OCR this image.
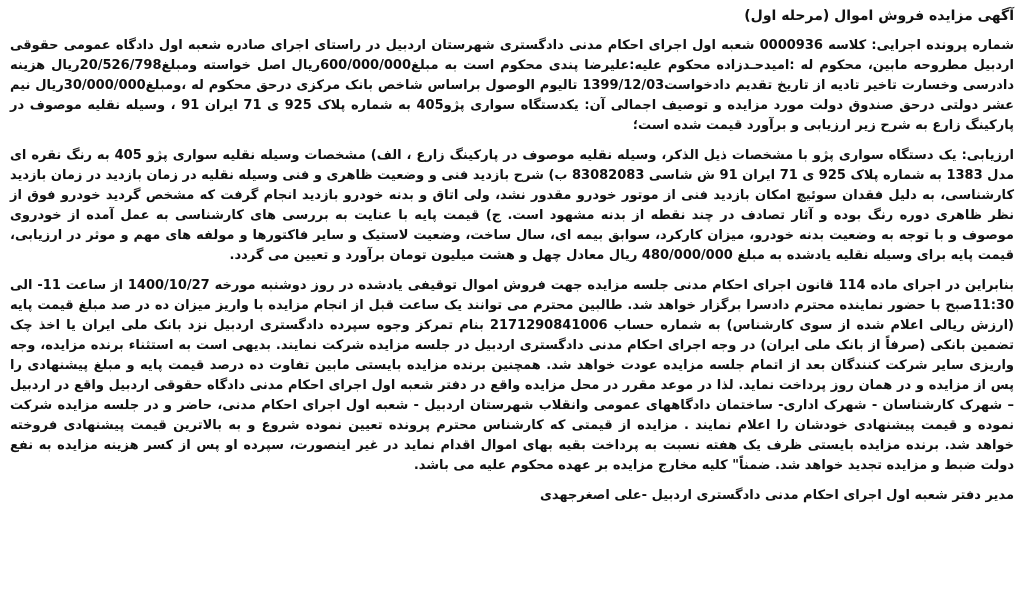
آگهی مزایده فروش اموال (مرحله اول)

شماره پرونده اجرایی: کلاسه 0000936 شعبه اول اجرای احکام مدنی دادگستری شهرستان اردبیل در راستای اجرای صادره شعبه اول دادگاه عمومی حقوقی اردبیل مطروحه مابین، محکوم له :امیدحـدزاده محکوم علیه:علیرضا پندی محکوم است به مبلغ600/000/000ریال اصل خواسته ومبلغ20/526/798ریال هزینه دادرسی وخسارت تاخیر تادیه از تاریخ تقدیم دادخواست1399/12/03 تالیوم الوصول براساس شاخص بانک مرکزی درحق محکوم له ،ومبلغ30/000/000ریال نیم عشر دولتی درحق صندوق دولت مورد مزایده و توصیف اجمالی آن: یکدستگاه سواری پژو405 به شماره پلاک 925 ی 71 ایران 91 ، وسیله نقلیه موصوف در پارکینگ زارع به شرح زیر ارزیابی و برآورد قیمت شده است؛

ارزیابی: یک دستگاه سواری پژو با مشخصات ذیل الذکر، وسیله نقلیه موصوف در پارکینگ زارع ، الف) مشخصات وسیله نقلیه سواری پژو 405 به رنگ نقره ای مدل 1383 به شماره پلاک 925 ی 71 ایران 91 ش شاسی 83082083 ب) شرح بازدید فنی و وضعیت ظاهری و فنی وسیله نقلیه در زمان بازدید در زمان بازدید کارشناسی، به دلیل فقدان سوئیچ امکان بازدید فنی از موتور خودرو مقدور نشد، ولی اتاق و بدنه خودرو بازدید انجام گرفت که مشخص گردید خودرو فوق از نظر ظاهری دوره رنگ بوده و آثار تصادف در چند نقطه از بدنه مشهود است. ج) قیمت پایه با عنایت به بررسی های کارشناسی به عمل آمده از خودروی موصوف و با توجه به وضعیت بدنه خودرو، میزان کارکرد، سوابق بیمه ای، سال ساخت، وضعیت لاستیک و سایر فاکتورها و مولفه های مهم و موثر در ارزیابی، قیمت پایه برای وسیله نقلیه یادشده به مبلغ 480/000/000 ریال معادل چهل و هشت میلیون تومان برآورد و تعیین می گردد.

بنابراین در اجرای ماده 114 قانون اجرای احکام مدنی جلسه مزایده جهت فروش اموال توقیفی یادشده در روز دوشنبه مورخه 1400/10/27 از ساعت 11- الی 11:30صبح با حضور نماینده محترم دادسرا برگزار خواهد شد. طالبین محترم می توانند یک ساعت قبل از انجام مزایده با واریز میزان ده در صد مبلغ قیمت پایه (ارزش ریالی اعلام شده از سوی کارشناس) به شماره حساب 2171290841006 بنام تمرکز وجوه سپرده دادگستری اردبیل نزد بانک ملی ایران یا اخذ چک تضمین بانکی (صرفاً از بانک ملی ایران) در وجه اجرای احکام مدنی دادگستری اردبیل در جلسه مزایده شرکت نمایند. بدیهی است به استثناء برنده مزایده، وجه واریزی سایر شرکت کنندگان بعد از اتمام جلسه مزایده عودت خواهد شد. همچنین برنده مزایده بایستی مابین تفاوت ده درصد قیمت پایه و مبلغ پیشنهادی را پس از مزایده و در همان روز پرداخت نماید. لذا در موعد مقرر در محل مزایده واقع در دفتر شعبه اول اجرای احکام مدنی دادگاه حقوقی اردبیل واقع در اردبیل – شهرک کارشناسان - شهرک اداری- ساختمان دادگاههای عمومی وانقلاب شهرستان اردبیل - شعبه اول اجرای احکام مدنی، حاضر و در جلسه مزایده شرکت نموده و قیمت پیشنهادی خودشان را اعلام نمایند . مزایده از قیمتی که کارشناس محترم پرونده تعیین نموده شروع و به بالاترین قیمت پیشنهادی فروخته خواهد شد. برنده مزایده بایستی ظرف یک هفته نسبت به پرداخت بقیه بهای اموال اقدام نماید در غیر اینصورت، سپرده او پس از کسر هزینه مزایده به نفع دولت ضبط و مزایده تجدید خواهد شد. ضمناً" کلیه مخارج مزایده بر عهده محکوم علیه می باشد.

مدیر دفتر شعبه اول اجرای احکام مدنی دادگستری اردبیل -علی اصغرجهدی
